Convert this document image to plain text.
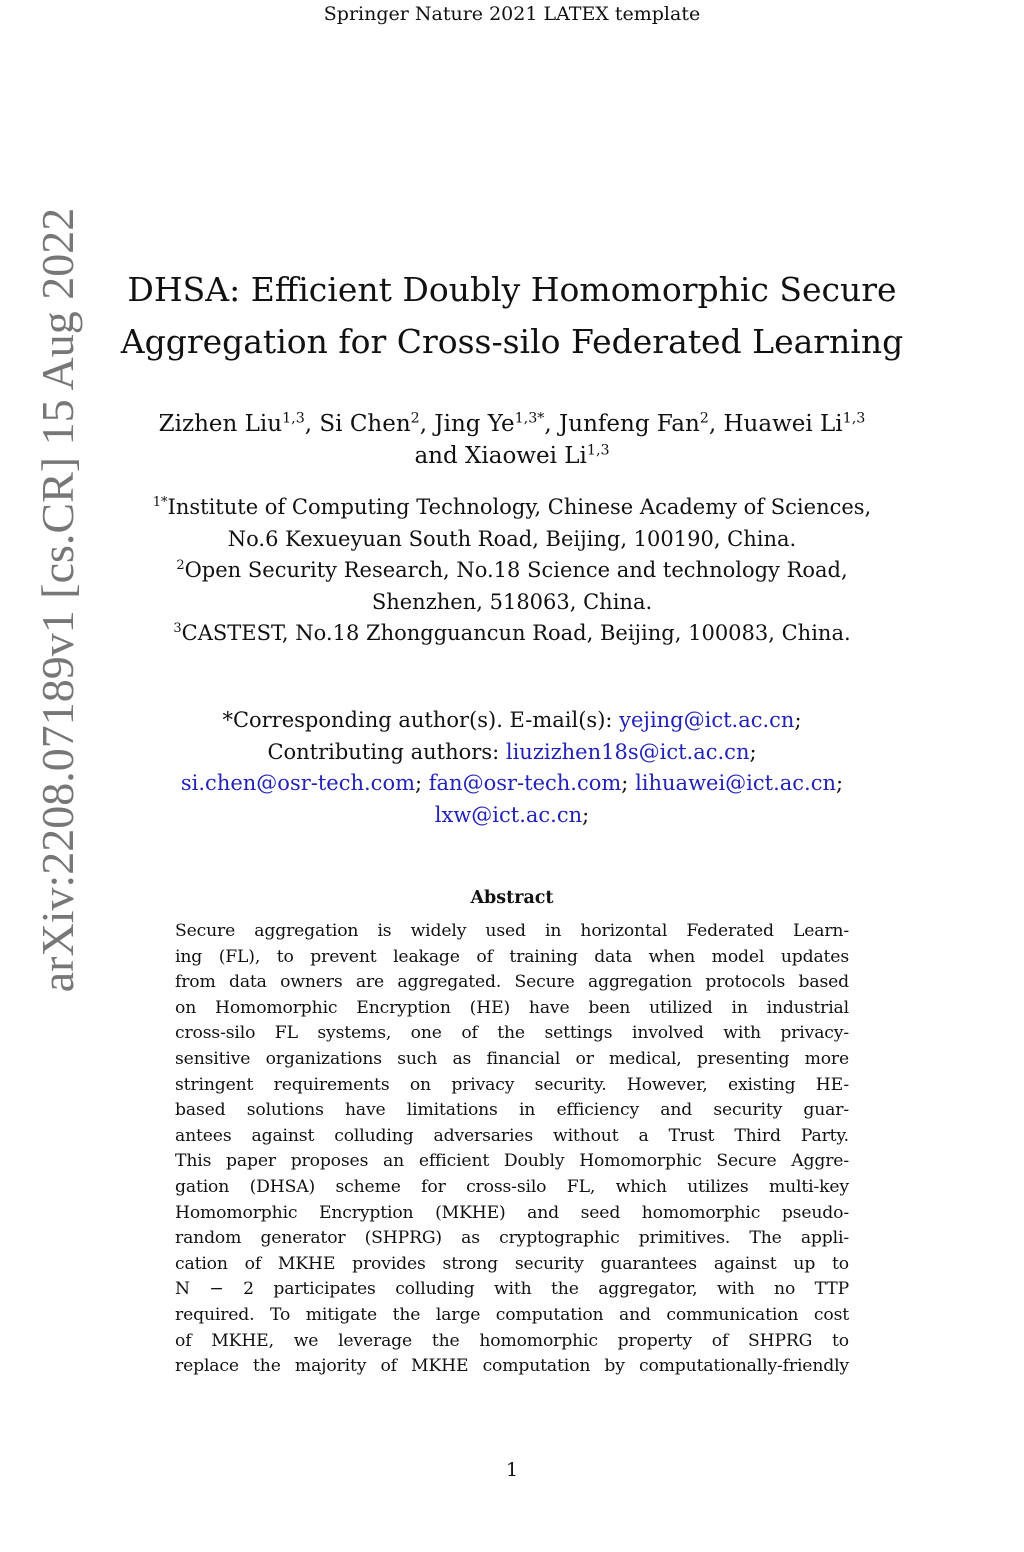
Springer Nature 2021 LATEX template
arXiv:2208.07189v1 [cs.CR] 15 Aug 2022 DHSA: Efficient Doubly Homomorphic Secure
Aggregation for Cross-silo Federated Learning
Zizhen Liu$^{1,3}$, Si Chen$^2$, Jing $Ye^{1,3*}$, Junfeng Fan$^2$, Huawei Li$^{1,3}$ and Xiaowei Li$^{1,3}$
$^{1*}$Institute of Computing Technology, Chinese Academy of Sciences, No.6 Kexueyuan South Road, Beijing, 100190, China.
$^2$Open Security Research, No.18 Science and technology Road, Shenzhen, 518063, China.
$^3$CASTEST, No.18 Zhongguancun Road, Beijing, 100083, China.
*Corresponding author(s). E-mail(s): yejing@ict.ac.cn;
Contributing authors: liuzizhen18s@ict.ac.cn;
si.chen@osr-tech.com; fan@osr-tech.com; lihuawei@ict.ac.cn;
lxw@ict.ac.cn;
Abstract
Secure aggregation is widely used in horizontal Federated Learn-
ing (FL), to prevent leakage of training data when model updates
from data owners are aggregated. Secure aggregation protocols based
on Homomorphic Encryption (HE) have been utilized in industrial
cross-silo FL systems, one of the settings involved with privacy-
sensitive organizations such as financial or medical, presenting more
stringent requirements on privacy security. However, existing HE-
based solutions have limitations in efficiency and security guar-
antees against colluding adversaries without a Trust Third Party.
This paper proposes an efficient Doubly Homomorphic Secure Aggre-
gation (DHSA) scheme for cross-silo FL, which utilizes multi-key
Homomorphic Encryption (MKHE) and seed homomorphic pseudo-
random generator (SHPRG) as cryptographic primitives. The appli-
cation of MKHE provides strong security guarantees against up to
N − 2 participates colluding with the aggregator, with no TTP
required. To mitigate the large computation and communication cost
of MKHE, we leverage the homomorphic property of SHPRG to
replace the majority of MKHE computation by computationally-friendly
1
